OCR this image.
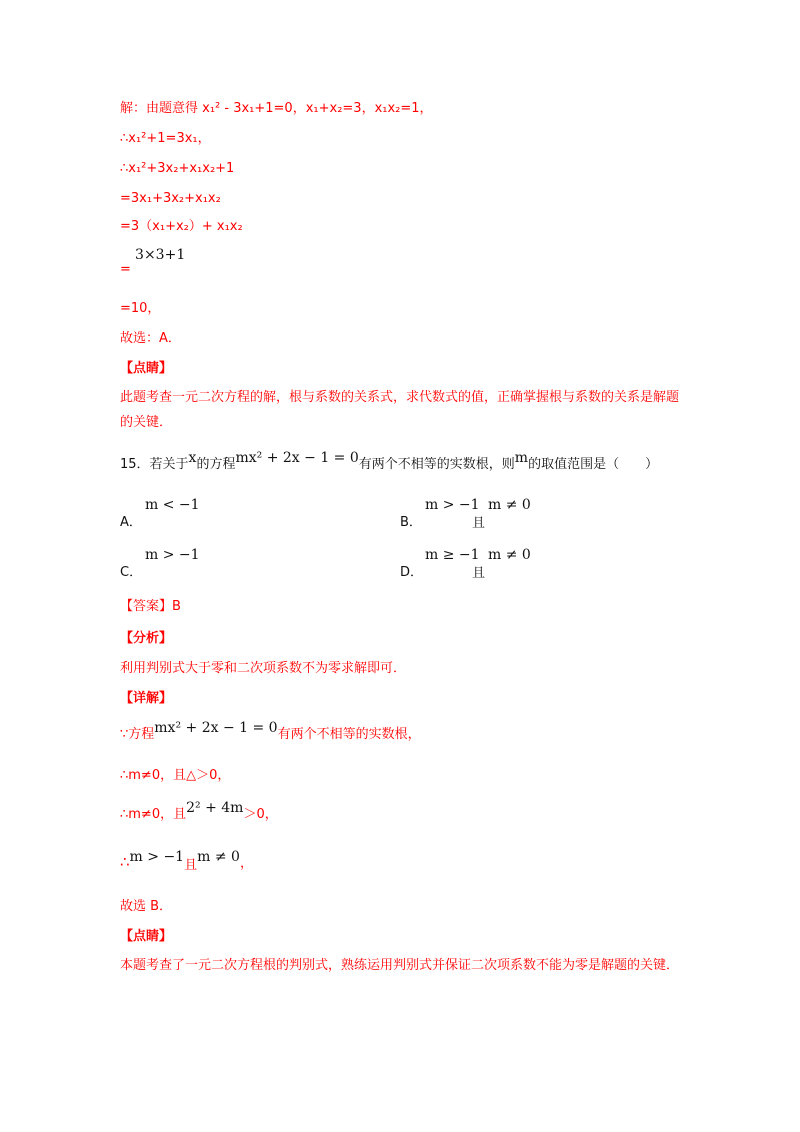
解：由题意得 x₁² - 3x₁+1=0，x₁+x₂=3，x₁x₂=1，
∴x₁²+1=3x₁，
∴x₁²+3x₂+x₁x₂+1
=3x₁+3x₂+x₁x₂
=3（x₁+x₂）+ x₁x₂
= 3×3+1
=10，
故选：A．
【点睛】
此题考查一元二次方程的解，根与系数的关系式，求代数式的值，正确掌握根与系数的关系是解题的关键．
15．若关于x的方程mx² + 2x − 1 = 0有两个不相等的实数根，则m的取值范围是（　　）
A．
m < −1
B．
m > −1
且
m ≠ 0
C．
m > −1
D．
m ≥ −1
且
m ≠ 0
【答案】B
【分析】
利用判别式大于零和二次项系数不为零求解即可．
【详解】
∵方程mx² + 2x − 1 = 0有两个不相等的实数根，
∴m≠0，且△＞0，
∴m≠0，且2² + 4m＞0，
∴m > −1且m ≠ 0，
故选 B．
【点睛】
本题考查了一元二次方程根的判别式，熟练运用判别式并保证二次项系数不能为零是解题的关键．
